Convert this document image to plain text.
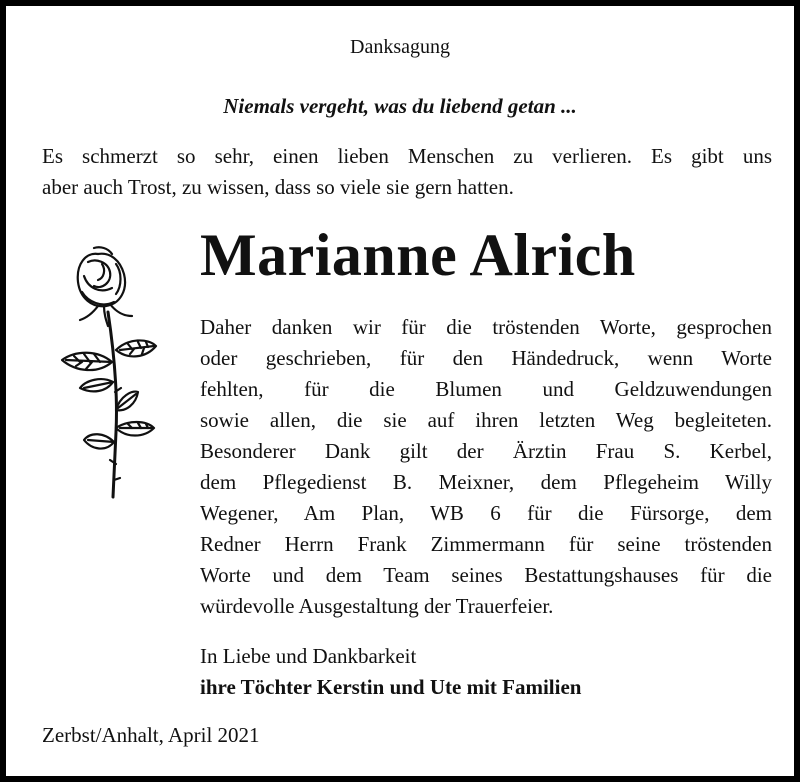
Danksagung
Niemals vergeht, was du liebend getan ...
Es schmerzt so sehr, einen lieben Menschen zu verlieren. Es gibt uns
aber auch Trost, zu wissen, dass so viele sie gern hatten.
Marianne Alrich
Daher danken wir für die tröstenden Worte, gesprochen
oder geschrieben, für den Händedruck, wenn Worte
fehlten, für die Blumen und Geldzuwendungen
sowie allen, die sie auf ihren letzten Weg begleiteten.
Besonderer Dank gilt der Ärztin Frau S. Kerbel,
dem Pflegedienst B. Meixner, dem Pflegeheim Willy
Wegener, Am Plan, WB 6 für die Fürsorge, dem
Redner Herrn Frank Zimmermann für seine tröstenden
Worte und dem Team seines Bestattungshauses für die
würdevolle Ausgestaltung der Trauerfeier.
In Liebe und Dankbarkeit
ihre Töchter Kerstin und Ute mit Familien
Zerbst/Anhalt, April 2021
